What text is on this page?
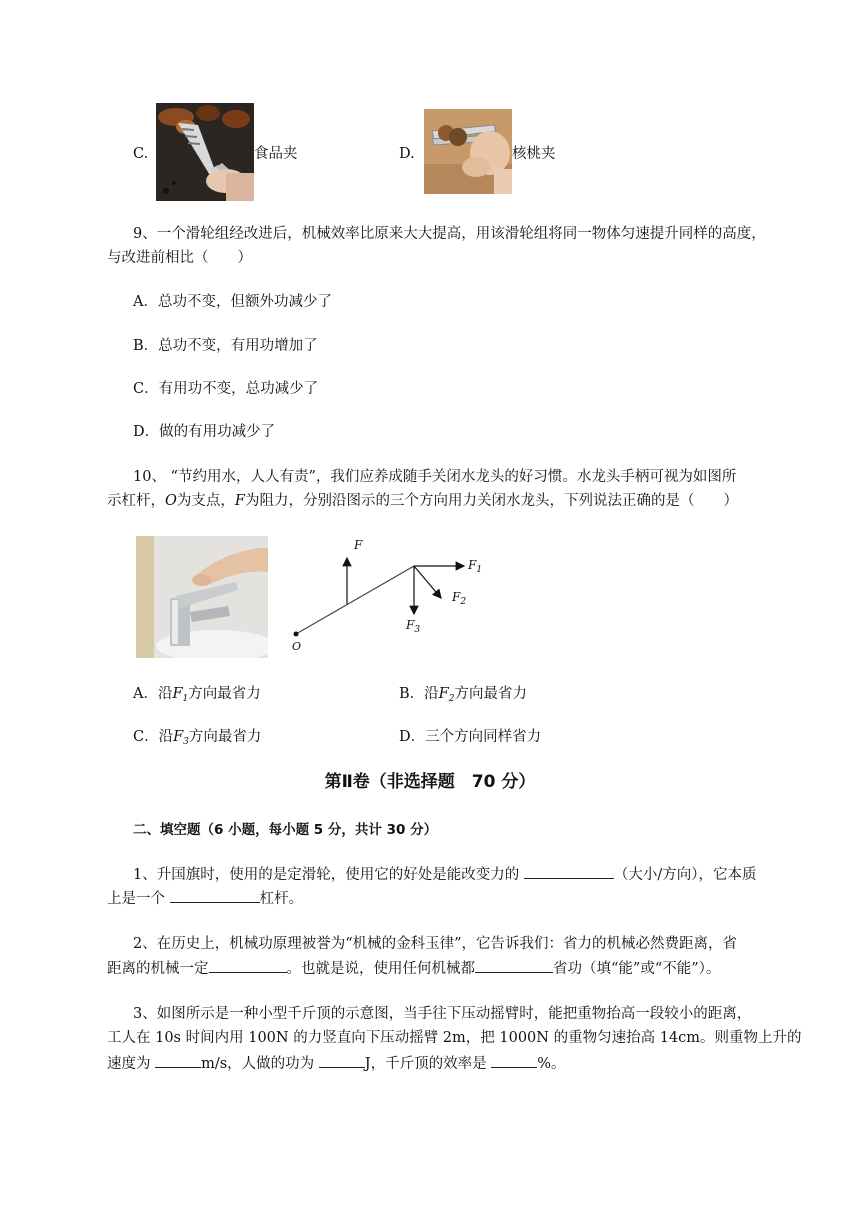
C.	食品夹	D.	核桃夹
9、一个滑轮组经改进后，机械效率比原来大大提高，用该滑轮组将同一物体匀速提升同样的高度，
与改进前相比（　　）
A．总功不变，但额外功减少了
B．总功不变，有用功增加了
C．有用功不变，总功减少了
D．做的有用功减少了
10、 “节约用水，人人有责”，我们应养成随手关闭水龙头的好习惯。水龙头手柄可视为如图所
示杠杆，O为支点，F为阻力，分别沿图示的三个方向用力关闭水龙头，下列说法正确的是（　　）
F
$F_1$
$F_2$
$F_3$
O
A．沿$F_1$方向最省力	B．沿$F_2$方向最省力
C．沿$F_3$方向最省力	D．三个方向同样省力
第Ⅱ卷（非选择题　70 分）
二、填空题（6 小题，每小题 5 分，共计 30 分）
1、升国旗时，使用的是定滑轮，使用它的好处是能改变力的	（大小/方向），它本质
上是一个	杠杆。
2、在历史上，机械功原理被誉为“机械的金科玉律”，它告诉我们：省力的机械必然费距离，省
距离的机械一定	。也就是说，使用任何机械都	省功（填“能”或“不能”）。
3、如图所示是一种小型千斤顶的示意图，当手往下压动摇臂时，能把重物抬高一段较小的距离，
工人在 10s 时间内用 100N 的力竖直向下压动摇臂 2m，把 1000N 的重物匀速抬高 14cm。则重物上升的
速度为	m/s，人做的功为	J，千斤顶的效率是	%。
